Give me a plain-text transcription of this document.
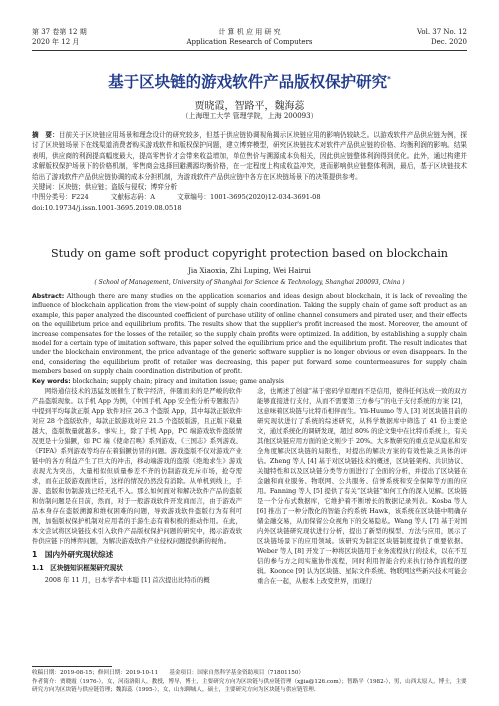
第 37 卷第 12 期
2020 年 12 月
计 算 机 应 用 研 究
Application Research of Computers
Vol. 37 No. 12
Dec. 2020
基于区块链的游戏软件产品版权保护研究*
贾晓霞，智路平，魏海蕊
（上海理工大学 管理学院，上海 200093）

摘　要：目前关于区块链应用场景和理念设计的研究较多，但基于供应链协调视角揭示区块链应用的影响仍较缺乏。以游戏软件产品供应链为例，探讨了区块链场景下在线渠道消费者购买游戏软件和版权保护问题，建立博弈模型，研究区块链技术对软件产品供应链的价格、均衡利润的影响。结果表明，供应商的利润提高幅度最大，提高零售价才会带来收益增加，单位售价与溯源成本负相关，因此供应链整体利润得到优化。此外，通过构建并求解版权保护场景下的价格机制，零售商会选择回避溯源均衡价格，在一定程度上构成收益冲突，进而影响供应链整体利润，最后，基于区块链技术给出了游戏软件产品供应链协调的成本分担机制，为游戏软件产品供应链中各方在区块链场景下的决策提供参考。

关键词：区块链；供应链；盗版与侵权；博弈分析
中图分类号：F224	文献标志码：A	文章编号：1001-3695(2020)12-034-3691-08
doi:10.19734/j.issn.1001-3695.2019.08.0518
Study on game soft product copyright protection based on blockchain
Jia Xiaoxia, Zhi Luping, Wei Hairui
( School of Management, University of Shanghai for Science & Technology, Shanghai 200093, China )

Abstract: Although there are many studies on the application scenarios and ideas design about blockchain, it is lack of revealing the influence of blockchain application from the view-point of supply chain coordination. Taking the supply chain of game soft product as an example, this paper analyzed the discounted coefficient of purchase utility of online channel consumers and pirated user, and their effects on the equilibrium price and equilibrium profits. The results show that the supplier's profit increased the most. Moreover, the amount of increase compensates for the losses of the retailer, so the supply chain profits were optimized. In addition, by establishing a supply chain model for a certain type of imitation software, this paper solved the equilibrium price and the equilibrium profit. The result indicates that under the blockchain environment, the price advantage of the generic software supplier is no longer obvious or even disappears. In the end, considering the equilibrium profit of retailer was decreasing, this paper put forward some countermeasures for supply chain members based on supply chain coordination distribution of profit.

Key words: blockchain; supply chain; piracy and imitation issue; game analysis

网络通信技术的迅猛发展催生了数字经济，伴随而来的是严峻的软件产品盗版现象。以手机 App 为例，《中国手机 App 安全性分析专题报告》中提到平均每款正版 App 软件对应 26.3 个盗版 App，其中每款正版软件对应 28 个盗版软件，每款正版游戏对应 21.5 个盗版版游，且正版下载量越大，盗版数量就越多。事实上，除了手机 App，PC 端游戏软件盗版情况更是十分猖獗，如 PC 端《使命召唤》系列游戏、《三国志》系列游戏、《FIFA》系列游戏等均存在着猖獗仿冒的问题。游戏盗版不仅对游戏产业链中的各方利益产生了巨大的冲击，移动端游戏的盗版《绝地求生》游戏表现尤为突出，大量相似但质量参差不齐的仿制游戏充斥市场，抢夺需求，而在正版游戏面世后，这样的情况仍然没有消除。从单机到线上，手游、盗版和仿制游戏已经无孔不入。那么如何面对和解决软件产品的盗版和仿制问题是在目前，然而，对于一般游戏软件开发商而言，由于游戏产品本身存在盗版溯源和维权困难的问题，导致游戏软件盗版行为有利可图，加强版权保护机制对应用者的手游生态有着积极的推动作用。在此，本文尝试将区块链技术引入软件产品版权保护问题的研究中，揭示游戏软件供应链下的博弈问题，为解决游戏软件产业侵权问题提供新的视角。

1　国内外研究现状综述
1.1　区块链知识框架研究现状

2008 年 11 月，日本学者中本聪 [1] 首次提出比特币的概

念，也阐述了创建“基于密码学原理而不是信用，使得任何达成一致的双方能够直接进行支付，从而不需要第三方参与”的电子支付系统的方案 [2]，这意味着区块链与比特币相伴而生。Yli-Huumo 等人 [3] 对区块链目前的研究现状进行了系统的综述研究，从科学数据库中筛选了 41 份主要论文，通过系统化的调研发现，超过 80% 的论文集中在比特币系统上，有关其他区块链应用方面的论文则少于 20%。大多数研究的重点是从隐私和安全角度解决区块链的局限性，对提出的解决方案的有效性缺乏具体的评估。Zheng 等人 [4] 基于对区块链技术的概述，区块链架构、共识协议、关键特性和以及区块链分类等方面进行了全面的分析，并提出了区块链在金融和商业服务、物联网、公共服务、信誉系统和安全保障等方面的应用。Fanning 等人 [5] 提供了有关“区块链”如何工作的深入见解。区块链是一个分布式数据库，它维护着不断增长的数据记录列表。Kosba 等人 [6] 推出了一种分散化的智能合约系统 Hawk，该系统在区块链中明确存储金融交易，从而保留公众视角下的交易隐私。Wang 等人 [7] 基于对国内外区块链研究现状进行分析，提出了新型的模型、方法与应用，展示了区块链场景下的应用领域。该研究为制定区块链制度提供了重要依据。Weber 等人 [8] 开发了一种将区块链用于业务流程执行的技术，以在不互信的参与方之间实施协作流程，同时利用智能合约来执行协作流程的逻辑。Koonce [9] 认为区块链、星际文件系统、物联网这些新兴技术可能会重合在一起，从根本上改变世界，而现行

收稿日期：2019-08-15；修回日期：2019-10-11　　基金项目：国家自然科学基金资助项目（71801150）
作者简介：贾晓霞（1976-），女，河南洛阳人，教授，博导，博士，主要研究方向为区块链与供应链管理（xjjia@126.com）；智路平（1982-），男，山西太原人，博士，主要研究方向为区块链与供应链管理；魏海蕊（1995-），女，山东聊城人，硕士，主要研究方向为区块链与供应链管理.
